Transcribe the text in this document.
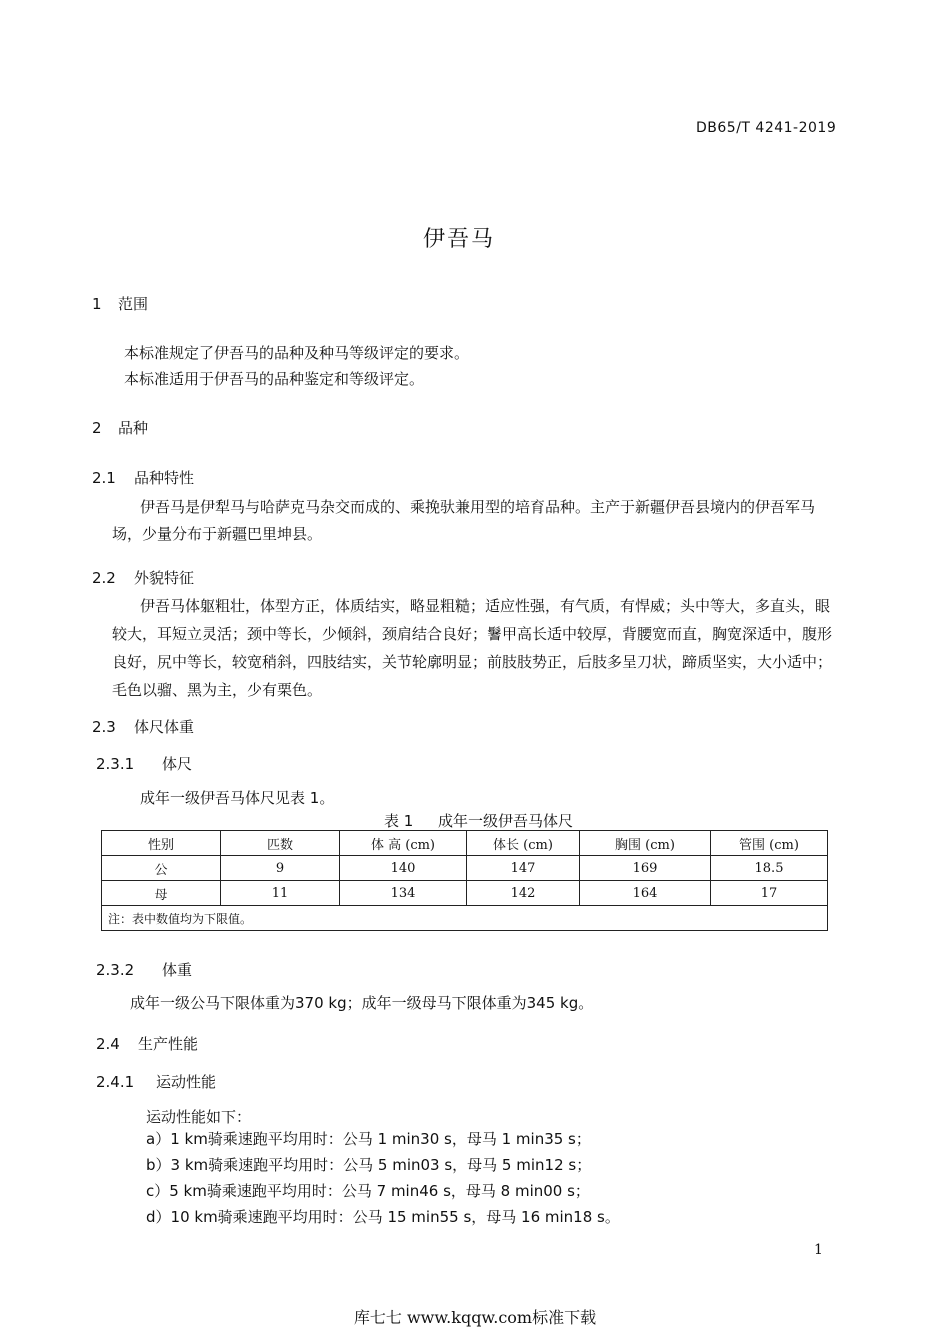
DB65/T 4241-2019
伊吾马
1 范围
本标准规定了伊吾马的品种及种马等级评定的要求。
本标准适用于伊吾马的品种鉴定和等级评定。
2 品种
2.1 品种特性
伊吾马是伊犁马与哈萨克马杂交而成的、乘挽驮兼用型的培育品种。主产于新疆伊吾县境内的伊吾军马场，少量分布于新疆巴里坤县。
2.2 外貌特征
伊吾马体躯粗壮，体型方正，体质结实，略显粗糙；适应性强，有气质，有悍威；头中等大，多直头，眼较大，耳短立灵活；颈中等长，少倾斜，颈肩结合良好；鬐甲高长适中较厚，背腰宽而直，胸宽深适中，腹形良好，尻中等长，较宽稍斜，四肢结实，关节轮廓明显；前肢肢势正，后肢多呈刀状，蹄质坚实，大小适中；毛色以骝、黑为主，少有栗色。
2.3 体尺体重
2.3.1 体尺
成年一级伊吾马体尺见表 1。
表 1 成年一级伊吾马体尺
性别	匹数	体 高 (cm)	体长 (cm)	胸围 (cm)	管围 (cm)
公	9	140	147	169	18.5
母	11	134	142	164	17
注：表中数值均为下限值。					
2.3.2 体重
成年一级公马下限体重为370 kg；成年一级母马下限体重为345 kg。
2.4 生产性能
2.4.1 运动性能
运动性能如下：
a）1 km骑乘速跑平均用时：公马 1 min30 s，母马 1 min35 s；
b）3 km骑乘速跑平均用时：公马 5 min03 s，母马 5 min12 s；
c）5 km骑乘速跑平均用时：公马 7 min46 s，母马 8 min00 s；
d）10 km骑乘速跑平均用时：公马 15 min55 s，母马 16 min18 s。
1
库七七 www.kqqw.com标准下载
